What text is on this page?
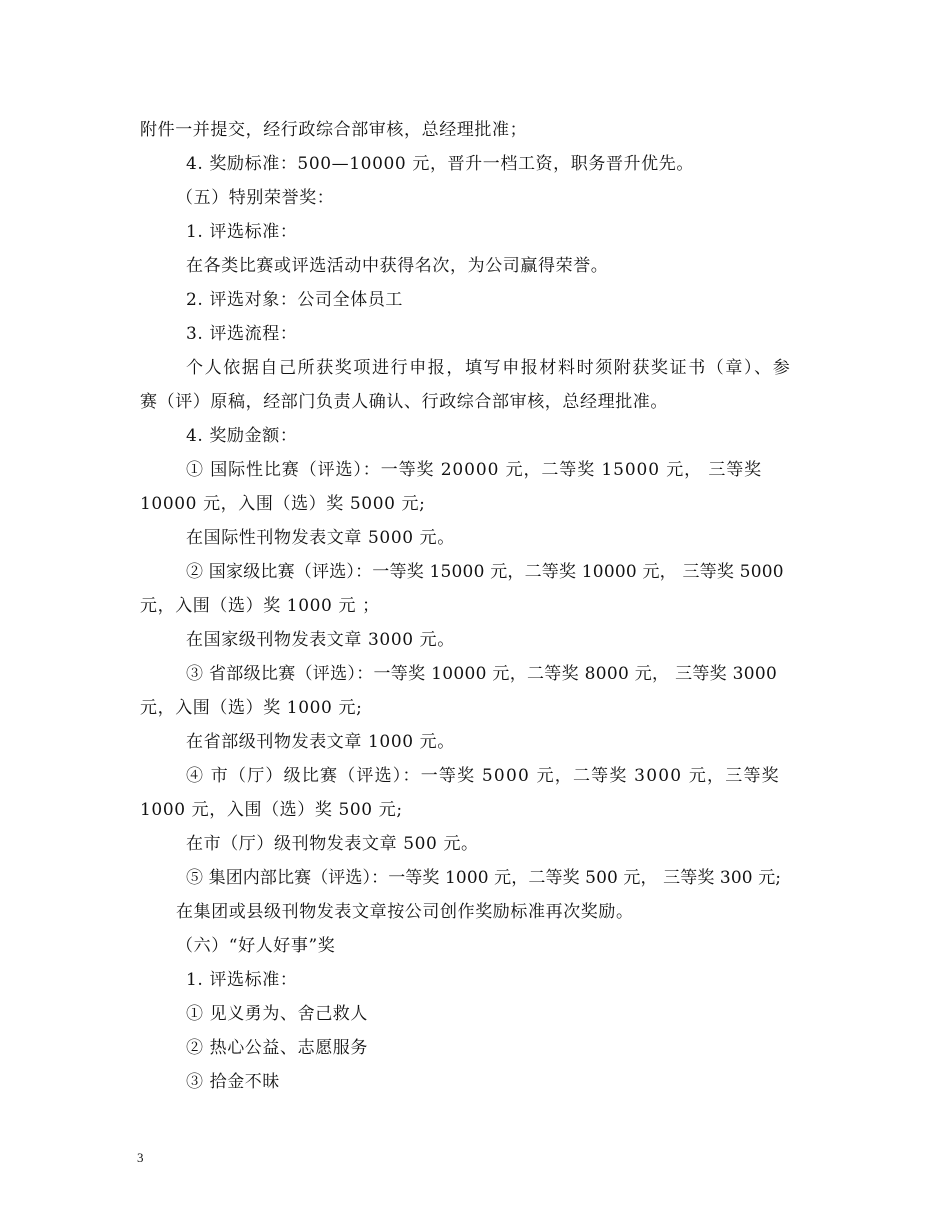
附件一并提交，经行政综合部审核，总经理批准；
4. 奖励标准：500—10000 元，晋升一档工资，职务晋升优先。
（五）特别荣誉奖：
1. 评选标准：
在各类比赛或评选活动中获得名次，为公司赢得荣誉。
2. 评选对象：公司全体员工
3. 评选流程：
个人依据自己所获奖项进行申报，填写申报材料时须附获奖证书（章）、参
赛（评）原稿，经部门负责人确认、行政综合部审核，总经理批准。
4. 奖励金额：
① 国际性比赛（评选）：一等奖 20000 元，二等奖 15000 元， 三等奖
10000 元，入围（选）奖 5000 元;
在国际性刊物发表文章 5000 元。
② 国家级比赛（评选）：一等奖 15000 元，二等奖 10000 元， 三等奖 5000
元，入围（选）奖 1000 元 ；
在国家级刊物发表文章 3000 元。
③ 省部级比赛（评选）：一等奖 10000 元，二等奖 8000 元， 三等奖 3000
元，入围（选）奖 1000 元;
在省部级刊物发表文章 1000 元。
④ 市（厅）级比赛（评选）：一等奖 5000 元，二等奖 3000 元，三等奖
1000 元，入围（选）奖 500 元;
在市（厅）级刊物发表文章 500 元。
⑤ 集团内部比赛（评选）：一等奖 1000 元，二等奖 500 元， 三等奖 300 元;
在集团或县级刊物发表文章按公司创作奖励标准再次奖励。
（六）“好人好事”奖
1. 评选标准：
① 见义勇为、舍己救人
② 热心公益、志愿服务
③ 拾金不昧
3
